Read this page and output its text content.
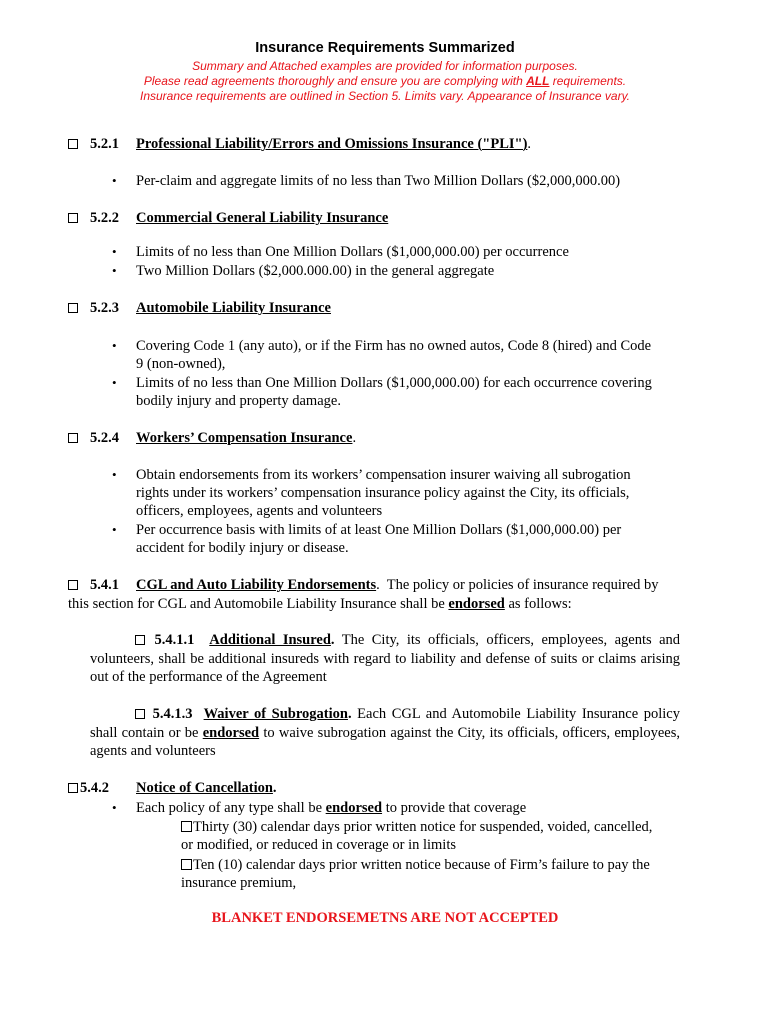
Insurance Requirements Summarized
Summary and Attached examples are provided for information purposes.
Please read agreements thoroughly and ensure you are complying with ALL requirements.
Insurance requirements are outlined in Section 5. Limits vary. Appearance of Insurance vary.
5.2.1 Professional Liability/Errors and Omissions Insurance ("PLI").
• Per-claim and aggregate limits of no less than Two Million Dollars ($2,000,000.00)
5.2.2 Commercial General Liability Insurance
• Limits of no less than One Million Dollars ($1,000,000.00) per occurrence
• Two Million Dollars ($2,000.000.00) in the general aggregate
5.2.3 Automobile Liability Insurance
• Covering Code 1 (any auto), or if the Firm has no owned autos, Code 8 (hired) and Code
9 (non-owned),
• Limits of no less than One Million Dollars ($1,000,000.00) for each occurrence covering
bodily injury and property damage.
5.2.4 Workers’ Compensation Insurance.
• Obtain endorsements from its workers’ compensation insurer waiving all subrogation
rights under its workers’ compensation insurance policy against the City, its officials,
officers, employees, agents and volunteers
• Per occurrence basis with limits of at least One Million Dollars ($1,000,000.00) per
accident for bodily injury or disease.
5.4.1 CGL and Auto Liability Endorsements. The policy or policies of insurance required by
this section for CGL and Automobile Liability Insurance shall be endorsed as follows:
5.4.1.1 Additional Insured. The City, its officials, officers, employees, agents and volunteers, shall be additional insureds with regard to liability and defense of suits or claims arising out of the performance of the Agreement
5.4.1.3 Waiver of Subrogation. Each CGL and Automobile Liability Insurance policy shall contain or be endorsed to waive subrogation against the City, its officials, officers, employees, agents and volunteers
5.4.2 Notice of Cancellation.
• Each policy of any type shall be endorsed to provide that coverage
Thirty (30) calendar days prior written notice for suspended, voided, cancelled,
or modified, or reduced in coverage or in limits
Ten (10) calendar days prior written notice because of Firm’s failure to pay the
insurance premium,
BLANKET ENDORSEMETNS ARE NOT ACCEPTED
